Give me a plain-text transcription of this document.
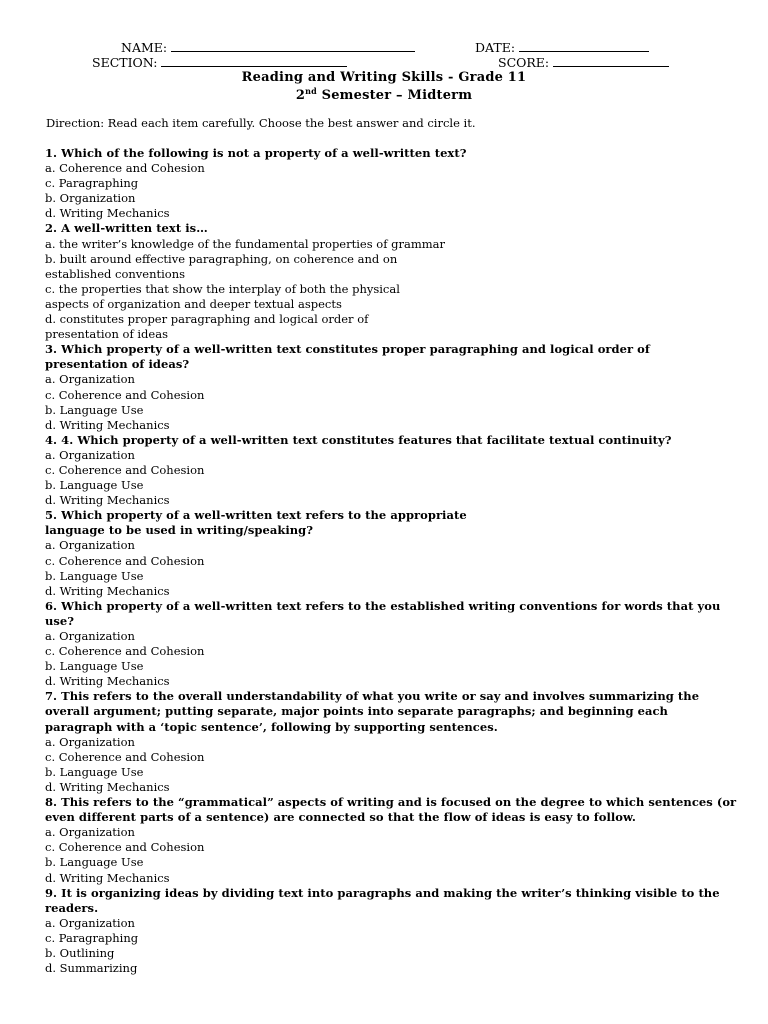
NAME:	DATE:
SECTION:	SCORE:
Reading and Writing Skills - Grade 11
2nd Semester – Midterm
Direction: Read each item carefully. Choose the best answer and circle it.
1. Which of the following is not a property of a well-written text?
a. Coherence and Cohesion
c. Paragraphing
b. Organization
d. Writing Mechanics
2. A well-written text is…
a. the writer’s knowledge of the fundamental properties of grammar
b. built around effective paragraphing, on coherence and on
established conventions
c. the properties that show the interplay of both the physical
aspects of organization and deeper textual aspects
d. constitutes proper paragraphing and logical order of
presentation of ideas
3. Which property of a well-written text constitutes proper paragraphing and logical order of
presentation of ideas?
a. Organization
c. Coherence and Cohesion
b. Language Use
d. Writing Mechanics
4. 4. Which property of a well-written text constitutes features that facilitate textual continuity?
a. Organization
c. Coherence and Cohesion
b. Language Use
d. Writing Mechanics
5. Which property of a well-written text refers to the appropriate
language to be used in writing/speaking?
a. Organization
c. Coherence and Cohesion
b. Language Use
d. Writing Mechanics
6. Which property of a well-written text refers to the established writing conventions for words that you
use?
a. Organization
c. Coherence and Cohesion
b. Language Use
d. Writing Mechanics
7. This refers to the overall understandability of what you write or say and involves summarizing the
overall argument; putting separate, major points into separate paragraphs; and beginning each
paragraph with a ‘topic sentence’, following by supporting sentences.
a. Organization
c. Coherence and Cohesion
b. Language Use
d. Writing Mechanics
8. This refers to the “grammatical” aspects of writing and is focused on the degree to which sentences (or
even different parts of a sentence) are connected so that the flow of ideas is easy to follow.
a. Organization
c. Coherence and Cohesion
b. Language Use
d. Writing Mechanics
9. It is organizing ideas by dividing text into paragraphs and making the writer’s thinking visible to the
readers.
a. Organization
c. Paragraphing
b. Outlining
d. Summarizing
